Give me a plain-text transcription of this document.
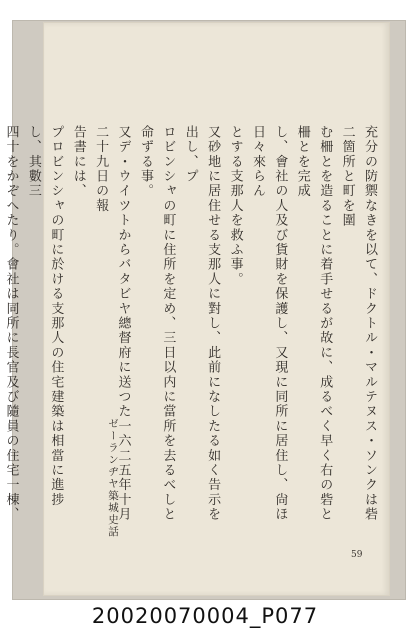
充分の防禦なきを以て、ドクトル・マルテヌス・ソンクは砦二箇所と町を圍

む柵とを造ることに着手せるが故に、成るべく早く右の砦と柵とを完成

し、會社の人及び貨財を保護し、又現に同所に居住し、尙ほ日々來らん

とする支那人を救ふ事。

又砂地に居住せる支那人に對し、此前になしたる如く告示を出し、プ

ロビンシャの町に住所を定め、三日以内に當所を去るべしと命ずる事。

又デ・ウイツトからバタビヤ總督府に送つた一六二五年十月二十九日の報

告書には、

プロビンシャの町に於ける支那人の住宅建築は相當に進捗し、其數三

四十をかぞへたり。會社は同所に長官及び隨員の住宅一棟、	ゼーランヂヤ築城史話
59
20020070004_P077
